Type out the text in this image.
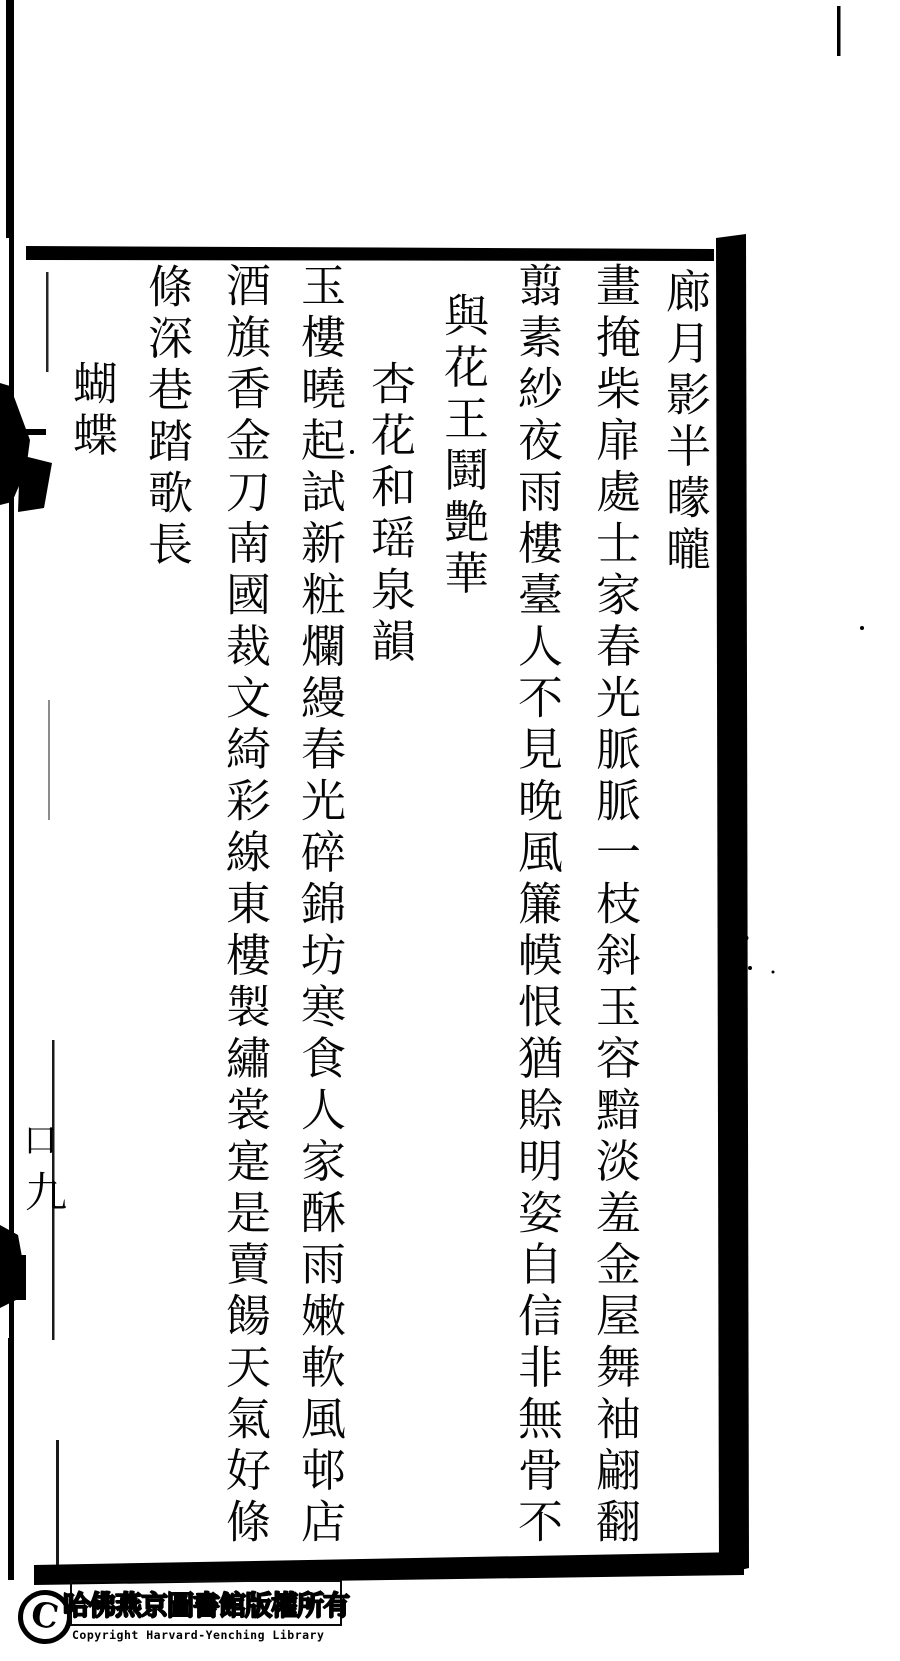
廊月影半曚曨
畫掩柴扉處士家春光脈脈一枝斜玉容黯淡羞金屋舞袖翩翻
翦素紗夜雨樓臺人不見晚風簾幙恨猶賒明姿自信非無骨不
與花王鬪艶華
杏花和瑶泉韻
玉樓曉起試新粧爛縵春光碎錦坊寒食人家酥雨嫩軟風邨店
酒旗香金刀南國裁文綺彩線東樓製繡裳寔是賣餳天氣好條
條深巷踏歌長
蝴蝶
口
九
C 哈佛燕京圖書館版權所有
Copyright Harvard-Yenching Library
